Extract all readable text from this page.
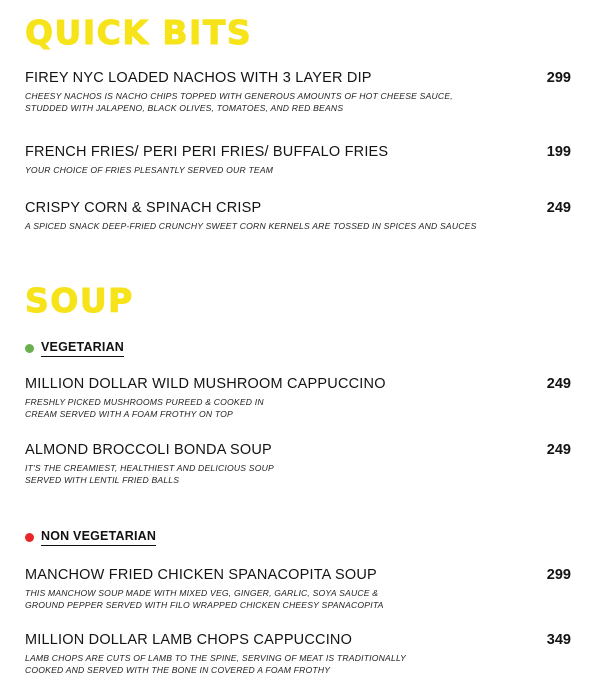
QUICK BITS
FIREY NYC LOADED NACHOS WITH 3 LAYER DIP	299
CHEESY NACHOS IS NACHO CHIPS TOPPED WITH GENEROUS AMOUNTS OF HOT CHEESE SAUCE,
STUDDED WITH JALAPENO, BLACK OLIVES, TOMATOES, AND RED BEANS
FRENCH FRIES/ PERI PERI FRIES/ BUFFALO FRIES	199
YOUR CHOICE OF FRIES PLESANTLY SERVED OUR TEAM
CRISPY CORN & SPINACH CRISP	249
A SPICED SNACK DEEP-FRIED CRUNCHY SWEET CORN KERNELS ARE TOSSED IN SPICES AND SAUCES
SOUP
VEGETARIAN
MILLION DOLLAR WILD MUSHROOM CAPPUCCINO	249
FRESHLY PICKED MUSHROOMS PUREED & COOKED IN
CREAM SERVED WITH A FOAM FROTHY ON TOP
ALMOND BROCCOLI BONDA SOUP	249
IT'S THE CREAMIEST, HEALTHIEST AND DELICIOUS SOUP
SERVED WITH LENTIL FRIED BALLS
NON VEGETARIAN
MANCHOW FRIED CHICKEN SPANACOPITA SOUP	299
THIS MANCHOW SOUP MADE WITH MIXED VEG, GINGER, GARLIC, SOYA SAUCE &
GROUND PEPPER SERVED WITH FILO WRAPPED CHICKEN CHEESY SPANACOPITA
MILLION DOLLAR LAMB CHOPS CAPPUCCINO	349
LAMB CHOPS ARE CUTS OF LAMB TO THE SPINE, SERVING OF MEAT IS TRADITIONALLY
COOKED AND SERVED WITH THE BONE IN COVERED A FOAM FROTHY
